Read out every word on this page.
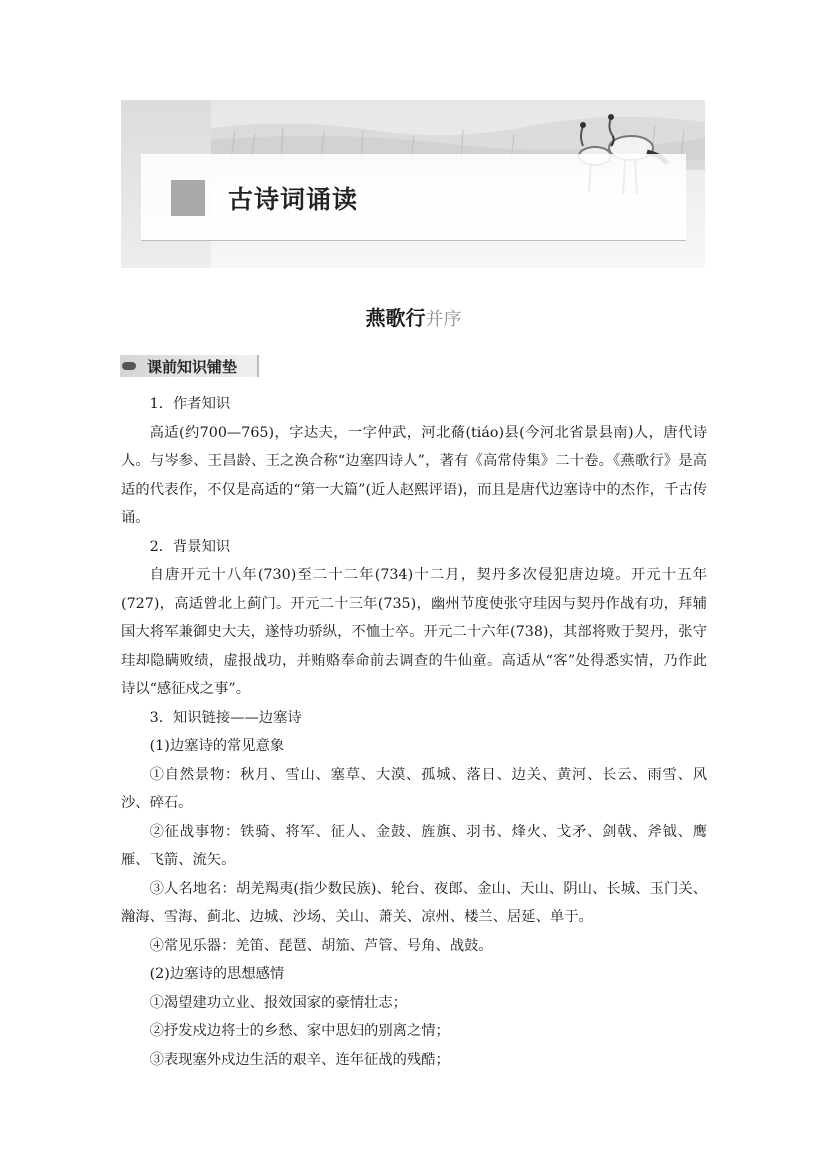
古诗词诵读
燕歌行并序
课前知识铺垫

1．作者知识

高适(约700—765)，字达夫，一字仲武，河北蓨(tiáo)县(今河北省景县南)人，唐代诗人。与岑参、王昌龄、王之涣合称“边塞四诗人”，著有《高常侍集》二十卷。《燕歌行》是高适的代表作，不仅是高适的“第一大篇”(近人赵熙评语)，而且是唐代边塞诗中的杰作，千古传诵。

2．背景知识

自唐开元十八年(730)至二十二年(734)十二月，契丹多次侵犯唐边境。开元十五年(727)，高适曾北上蓟门。开元二十三年(735)，幽州节度使张守珪因与契丹作战有功，拜辅国大将军兼御史大夫，遂恃功骄纵，不恤士卒。开元二十六年(738)，其部将败于契丹，张守珪却隐瞒败绩，虚报战功，并贿赂奉命前去调查的牛仙童。高适从“客”处得悉实情，乃作此诗以“感征戍之事”。

3．知识链接——边塞诗

(1)边塞诗的常见意象

①自然景物：秋月、雪山、塞草、大漠、孤城、落日、边关、黄河、长云、雨雪、风沙、碎石。

②征战事物：铁骑、将军、征人、金鼓、旌旗、羽书、烽火、戈矛、剑戟、斧钺、鹰雁、飞箭、流矢。

③人名地名：胡羌羯夷(指少数民族)、轮台、夜郎、金山、天山、阴山、长城、玉门关、瀚海、雪海、蓟北、边城、沙场、关山、萧关、凉州、楼兰、居延、单于。

④常见乐器：羌笛、琵琶、胡笳、芦管、号角、战鼓。

(2)边塞诗的思想感情

①渴望建功立业、报效国家的豪情壮志；

②抒发戍边将士的乡愁、家中思妇的别离之情；

③表现塞外戍边生活的艰辛、连年征战的残酷；
